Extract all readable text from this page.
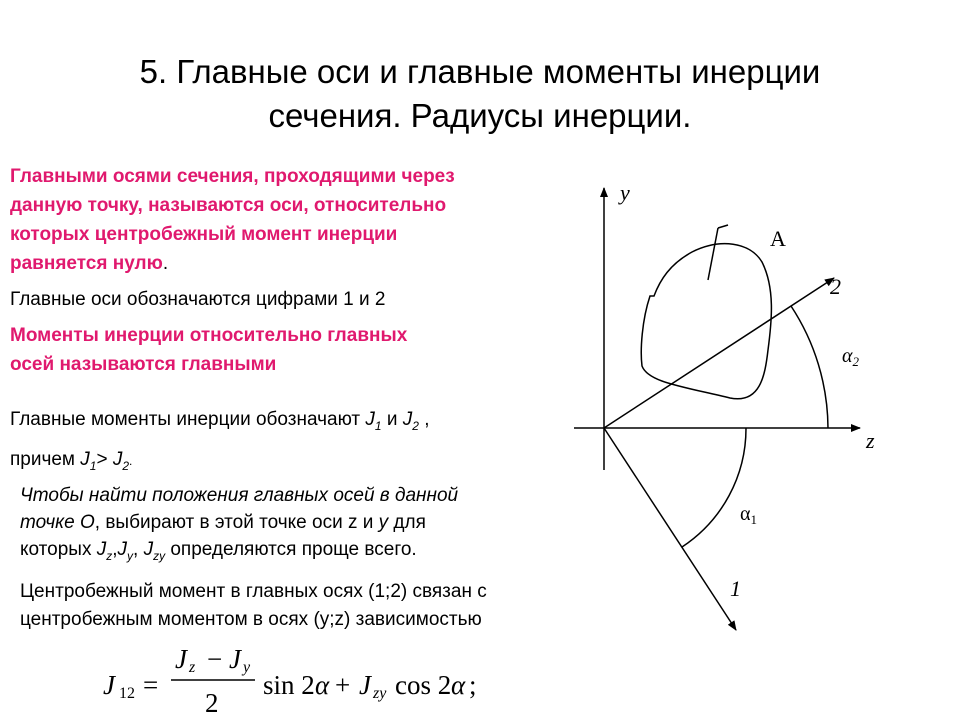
5. Главные оси и главные моменты инерции
сечения. Радиусы инерции.
Главными осями сечения, проходящими через
данную точку, называются оси, относительно
которых центробежный момент инерции
равняется нулю.
Главные оси обозначаются цифрами 1 и 2
Моменты инерции относительно главных
осей называются главными
Главные моменты инерции обозначают $J_1$ и $J_2$ ,
причем $J_1> J_2$.
Чтобы найти положения главных осей в данной
точке О, выбирают в этой точке оси z и y для
которых $J_z,J_y$, $J_{zy}$ определяются проще всего.
Центробежный момент в главных осях (1;2) связан с
центробежным моментом в осях (y;z) зависимостью
y
z
A
2
1
$\alpha_2$
$\alpha_1$
J 12 =
J z − J y
2
sin 2 α + J zy cos 2 α ;
